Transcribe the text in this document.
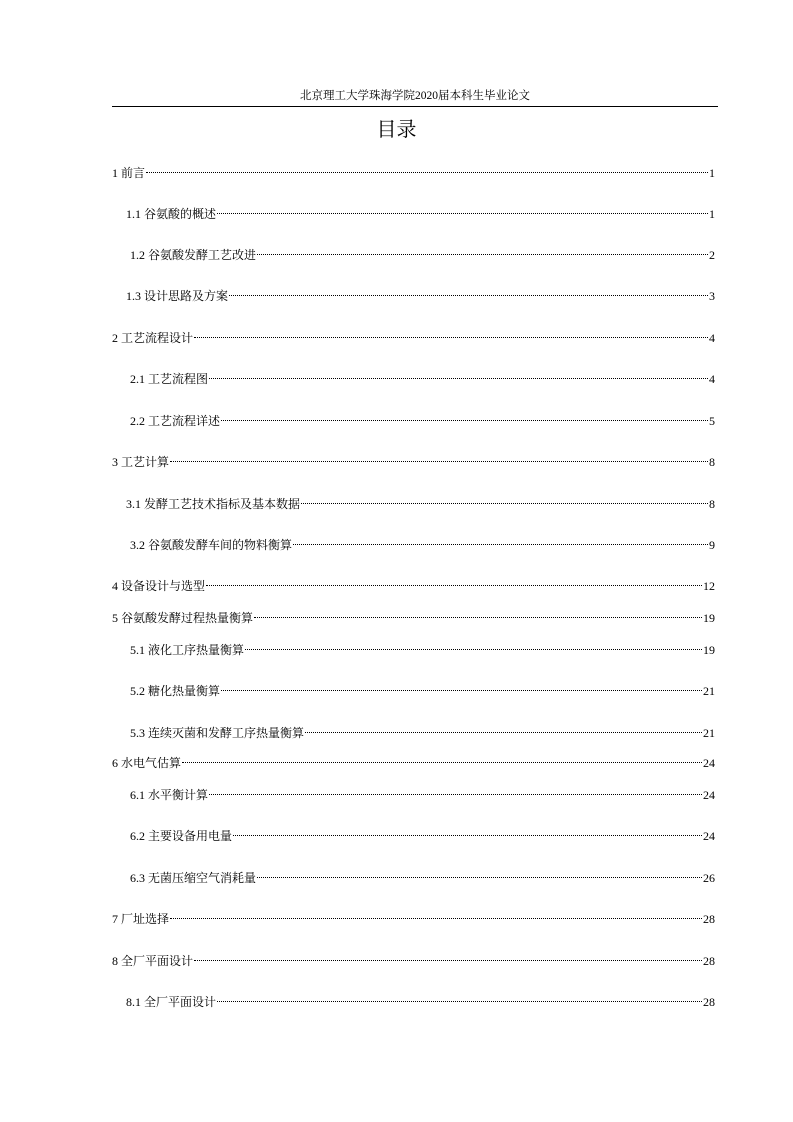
北京理工大学珠海学院2020届本科生毕业论文
目录
1 前言	1
1.1 谷氨酸的概述	1
1.2 谷氨酸发酵工艺改进	2
1.3 设计思路及方案	3
2 工艺流程设计	4
2.1 工艺流程图	4
2.2 工艺流程详述	5
3 工艺计算	8
3.1 发酵工艺技术指标及基本数据	8
3.2 谷氨酸发酵车间的物料衡算	9
4 设备设计与选型	12
5 谷氨酸发酵过程热量衡算	19
5.1 液化工序热量衡算	19
5.2 糖化热量衡算	21
5.3 连续灭菌和发酵工序热量衡算	21
6 水电气估算	24
6.1 水平衡计算	24
6.2 主要设备用电量	24
6.3 无菌压缩空气消耗量	26
7 厂址选择	28
8 全厂平面设计	28
8.1 全厂平面设计	28
